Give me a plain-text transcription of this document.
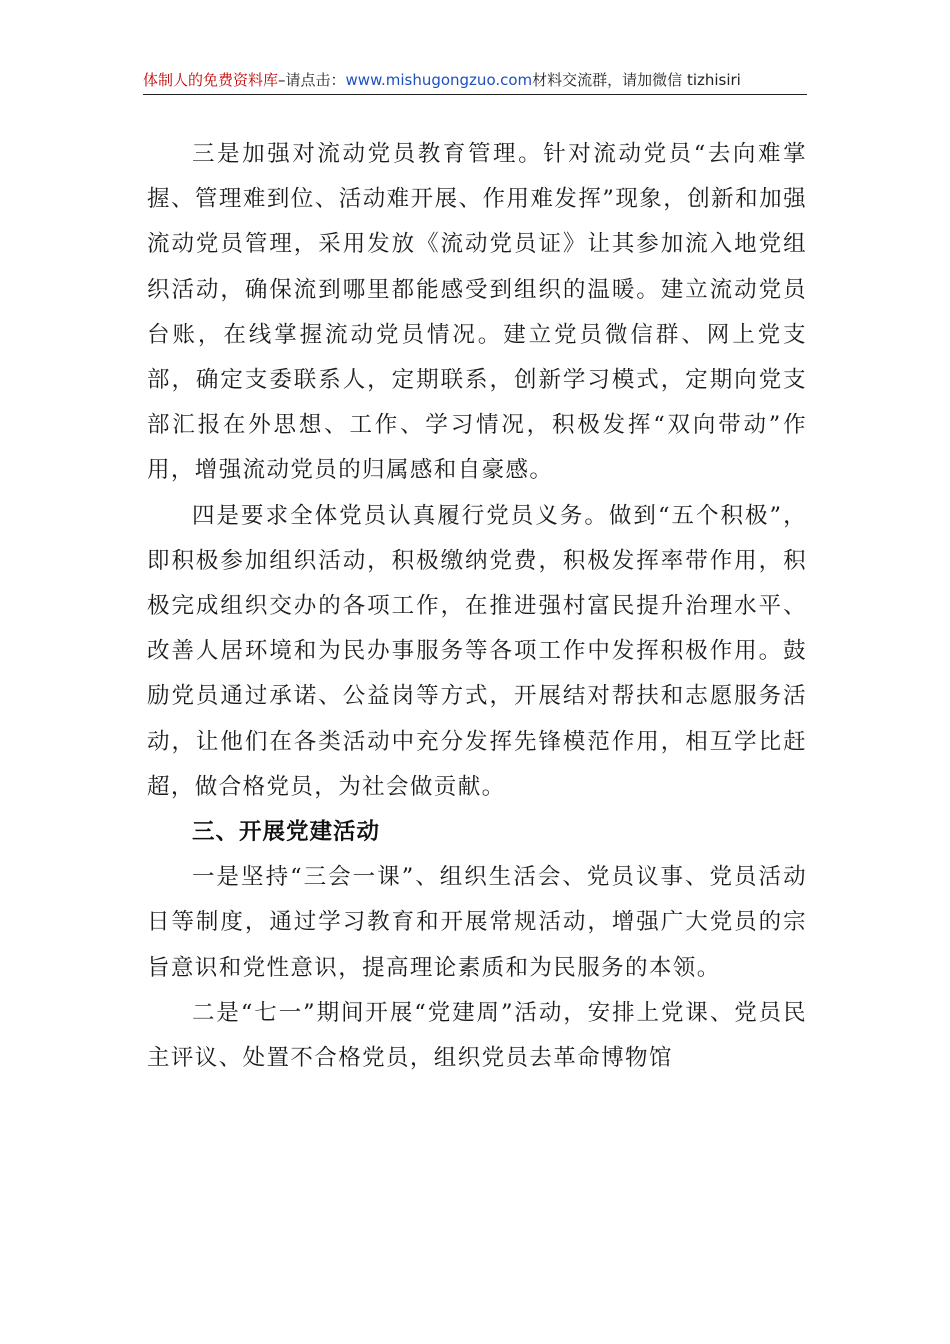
体制人的免费资料库–请点击：www.mishugongzuo.com材料交流群，请加微信 tizhisiri

三是加强对流动党员教育管理。针对流动党员“去向难掌握、管理难到位、活动难开展、作用难发挥”现象，创新和加强流动党员管理，采用发放《流动党员证》让其参加流入地党组织活动，确保流到哪里都能感受到组织的温暖。建立流动党员台账，在线掌握流动党员情况。建立党员微信群、网上党支部，确定支委联系人，定期联系，创新学习模式，定期向党支部汇报在外思想、工作、学习情况，积极发挥“双向带动”作用，增强流动党员的归属感和自豪感。

四是要求全体党员认真履行党员义务。做到“五个积极”，即积极参加组织活动，积极缴纳党费，积极发挥率带作用，积极完成组织交办的各项工作，在推进强村富民提升治理水平、改善人居环境和为民办事服务等各项工作中发挥积极作用。鼓励党员通过承诺、公益岗等方式，开展结对帮扶和志愿服务活动，让他们在各类活动中充分发挥先锋模范作用，相互学比赶超，做合格党员，为社会做贡献。

三、开展党建活动

一是坚持“三会一课”、组织生活会、党员议事、党员活动日等制度，通过学习教育和开展常规活动，增强广大党员的宗旨意识和党性意识，提高理论素质和为民服务的本领。

二是“七一”期间开展“党建周”活动，安排上党课、党员民主评议、处置不合格党员，组织党员去革命博物馆
